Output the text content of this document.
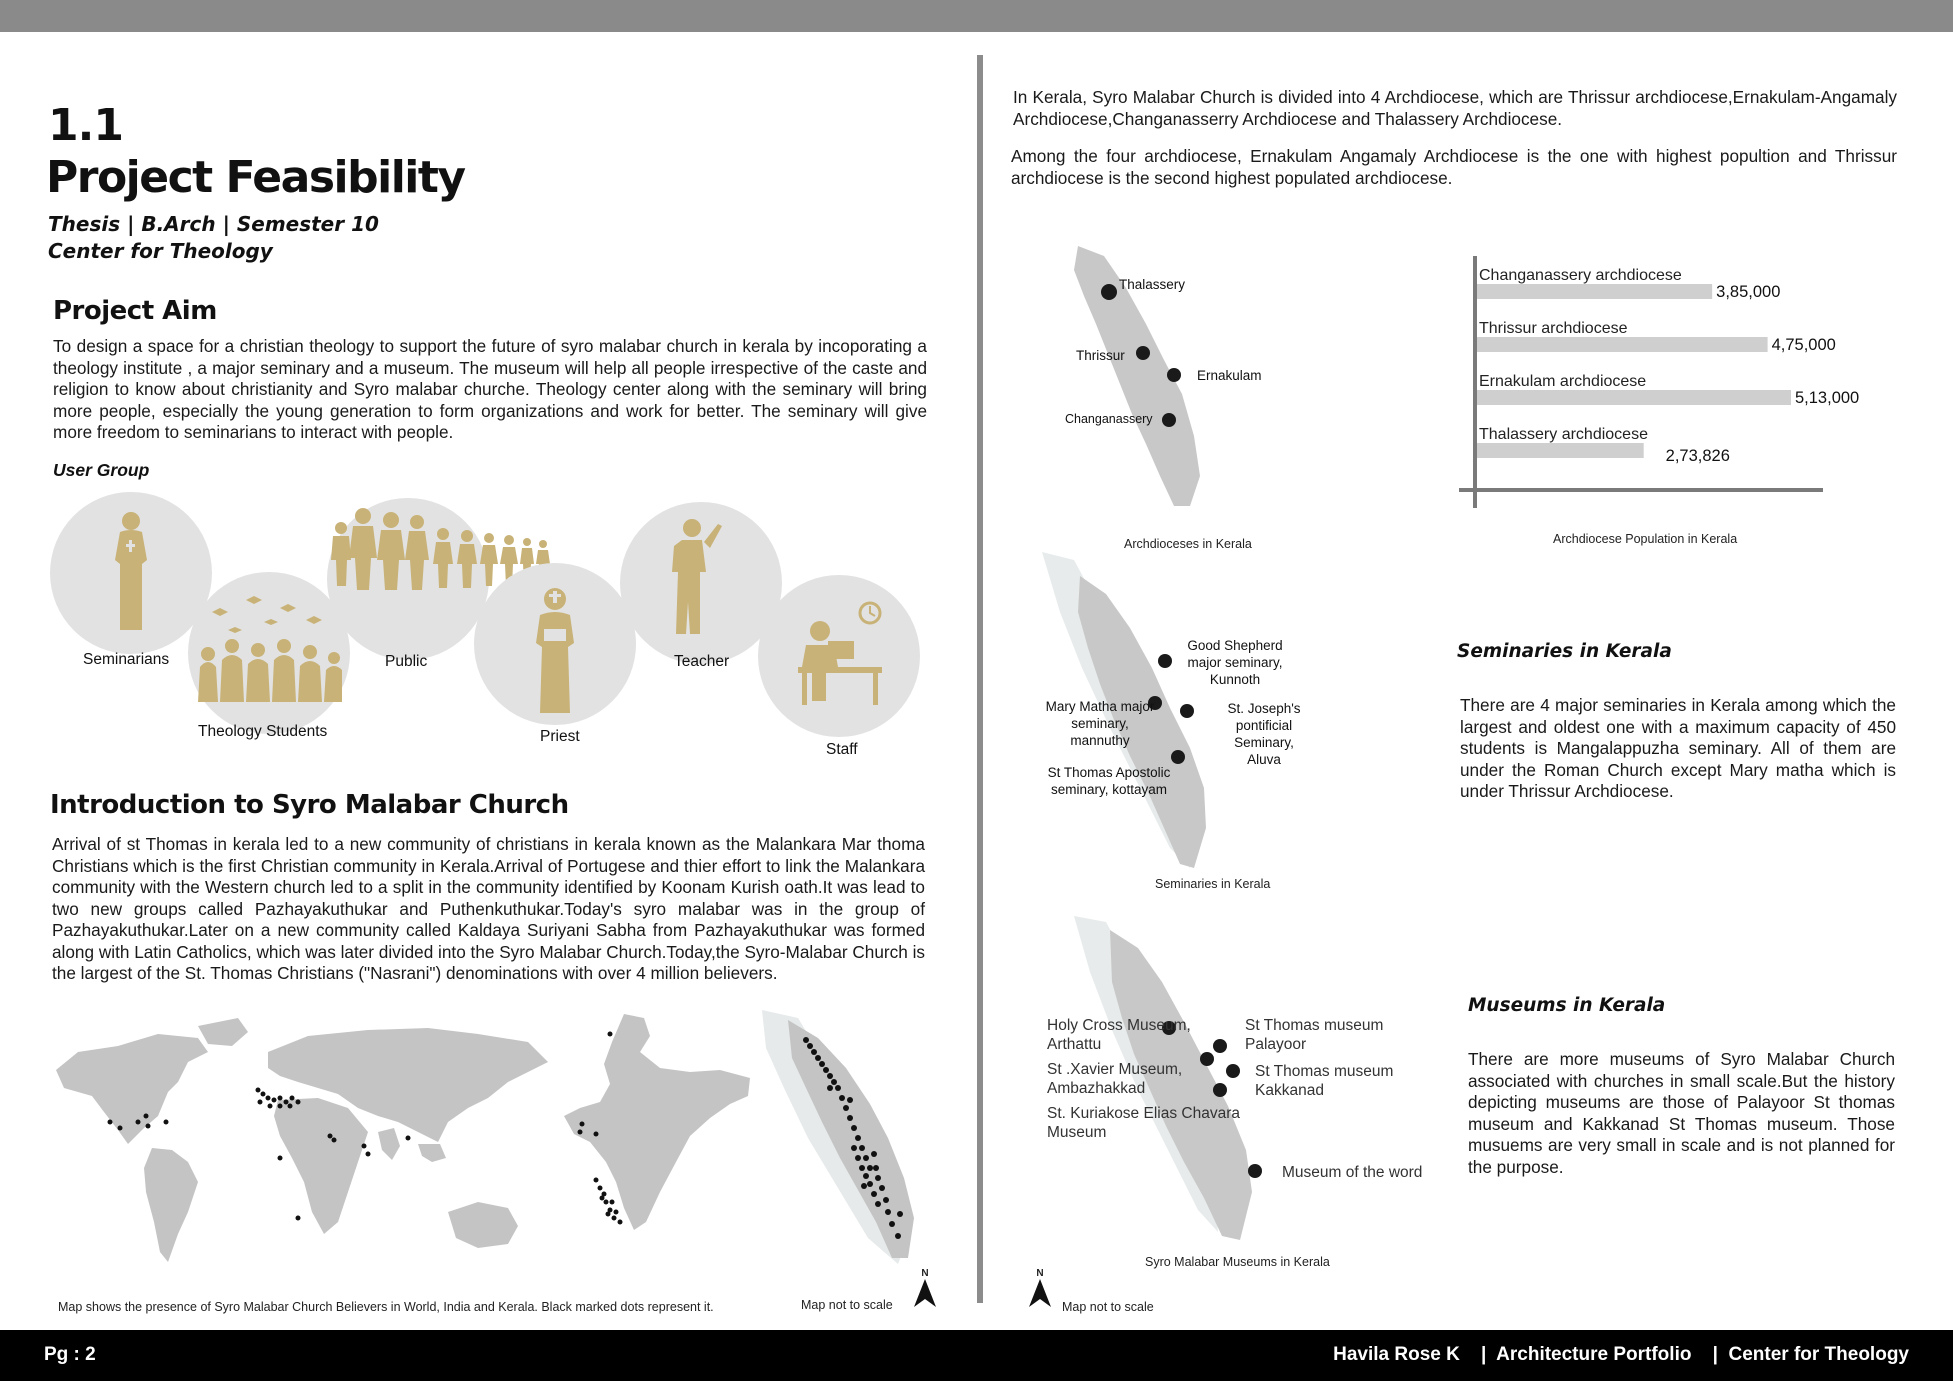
1.1
Project Feasibility
Thesis | B.Arch | Semester 10
Center for Theology
Project Aim
To design a space for a christian theology to support the future of syro malabar church in kerala by incoporating a theology institute , a major seminary and a museum. The museum will help all people irrespective of the caste and religion to know about christianity and Syro malabar churche. Theology center along with the seminary will bring more people, especially the young generation to form organizations and work for better. The seminary will give more freedom to seminarians to interact with people.
User Group
Seminarians
Theology Students
Public
Priest
Teacher
Staff
Introduction to Syro Malabar Church
Arrival of st Thomas in kerala led to a new community of christians in kerala known as the Malankara Mar thoma Christians which is the first Christian community in Kerala.Arrival of Portugese and thier effort to link the Malankara community with the Western church led to a split in the community identified by Koonam Kurish oath.It was lead to two new groups called Pazhayakuthukar and Puthenkuthukar.Today's syro malabar was in the group of Pazhayakuthukar.Later on a new community called Kaldaya Suriyani Sabha from Pazhayakuthukar was formed along with Latin Catholics, which was later divided into the Syro Malabar Church.Today,the Syro-Malabar Church is the largest of the St. Thomas Christians ("Nasrani") denominations with over 4 million believers.
Map shows the presence of Syro Malabar Church Believers in World, India and Kerala. Black marked dots represent it.	Map not to scale
N
In Kerala, Syro Malabar Church is divided into 4 Archdiocese, which are Thrissur archdiocese,Ernakulam-Angamaly Archdiocese,Changanasserry Archdiocese and Thalassery Archdiocese.
Among the four archdiocese, Ernakulam Angamaly Archdiocese is the one with highest popultion and Thrissur archdiocese is the second highest populated archdiocese.
Thalassery
Thrissur
Ernakulam
Changanassery
Archdioceses in Kerala
Changanassery archdiocese
3,85,000
Thrissur archdiocese
4,75,000
Ernakulam archdiocese
5,13,000
Thalassery archdiocese
2,73,826
Archdiocese Population in Kerala
Good Shepherd major seminary, Kunnoth
Mary Matha major seminary, mannuthy
St. Joseph's pontificial Seminary, Aluva
St Thomas Apostolic seminary, kottayam
Seminaries in Kerala
Seminaries in Kerala
There are 4 major seminaries in Kerala among which the largest and oldest one with a maximum capacity of 450 students is Mangalappuzha seminary. All of them are under the Roman Church except Mary matha which is under Thrissur Archdiocese.
Holy Cross Museum, Arthattu
St .Xavier Museum, Ambazhakkad
St. Kuriakose Elias Chavara Museum
St Thomas museum Palayoor
St Thomas museum Kakkanad
Museum of the word
Syro Malabar Museums in Kerala
Museums in Kerala
There are more museums of Syro Malabar Church associated with churches in small scale.But the history depicting museums are those of Palayoor St thomas museum and Kakkanad St Thomas museum. Those musuems are very small in scale and is not planned for the purpose.
N
Map not to scale
Pg : 2	Havila Rose K | Architecture Portfolio | Center for Theology
